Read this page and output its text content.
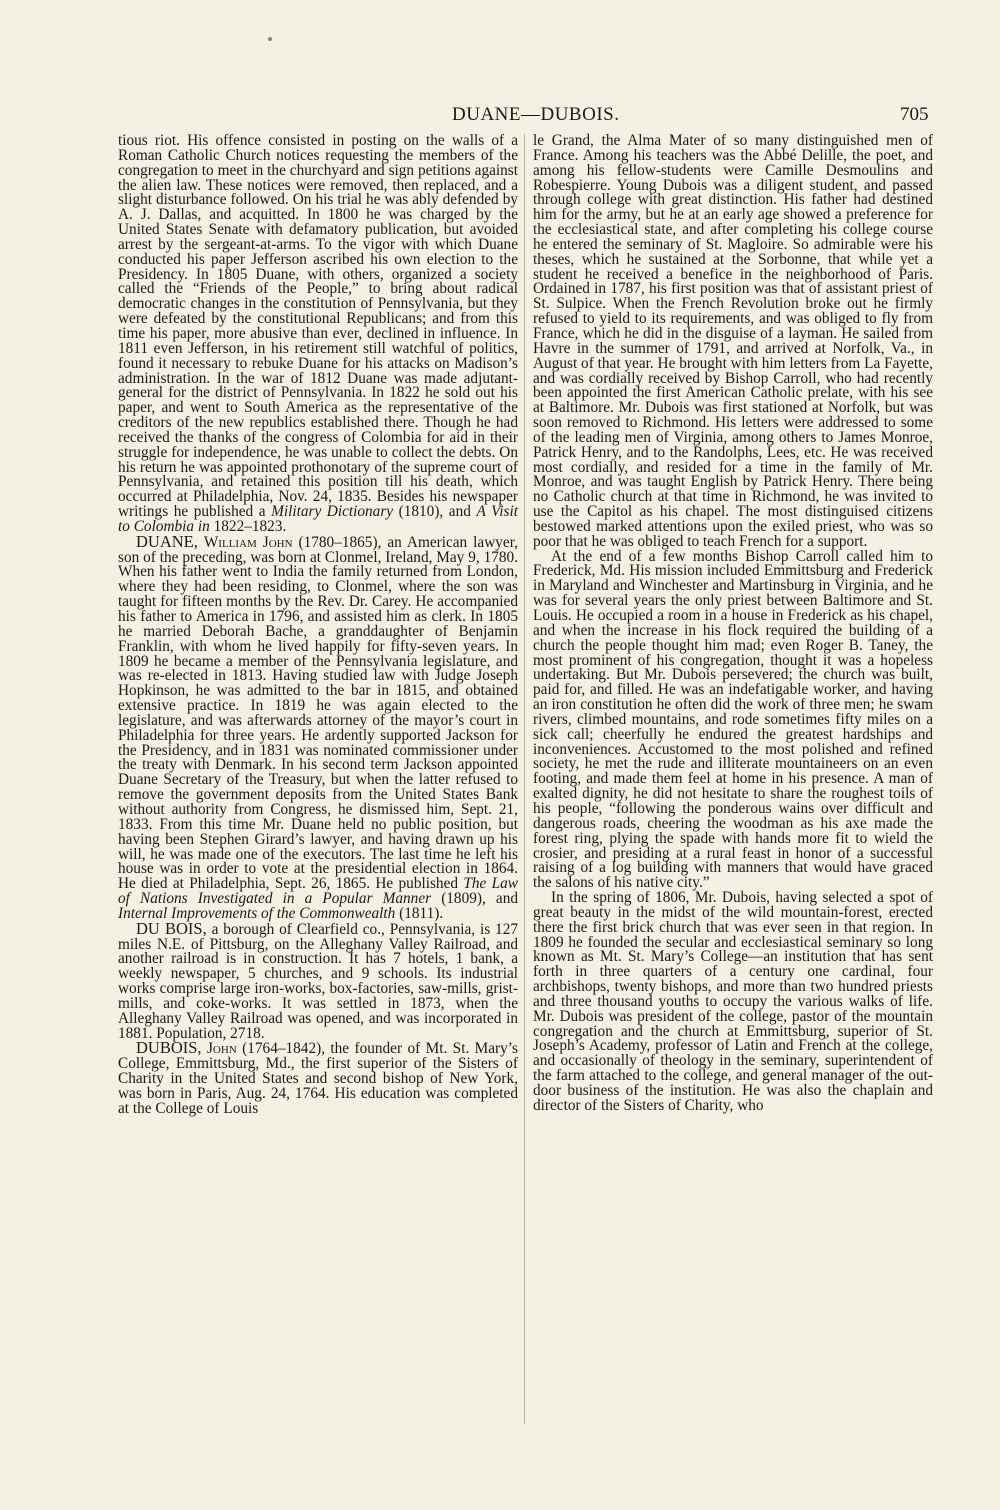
DUANE—DUBOIS.	705

tious riot. His offence consisted in posting on the walls of a Roman Catholic Church notices requesting the members of the congregation to meet in the churchyard and sign petitions against the alien law. These notices were removed, then replaced, and a slight disturbance followed. On his trial he was ably defended by A. J. Dallas, and acquitted. In 1800 he was charged by the United States Senate with defamatory publication, but avoided arrest by the sergeant-at-arms. To the vigor with which Duane conducted his paper Jefferson ascribed his own election to the Presidency. In 1805 Duane, with others, organized a society called the “Friends of the People,” to bring about radical democratic changes in the constitution of Pennsylvania, but they were defeated by the constitutional Republicans; and from this time his paper, more abusive than ever, declined in influence. In 1811 even Jefferson, in his retirement still watchful of politics, found it necessary to rebuke Duane for his attacks on Madison’s administration. In the war of 1812 Duane was made adjutant-general for the district of Pennsylvania. In 1822 he sold out his paper, and went to South America as the representative of the creditors of the new republics established there. Though he had received the thanks of the congress of Colombia for aid in their struggle for independence, he was unable to collect the debts. On his return he was appointed prothonotary of the supreme court of Pennsylvania, and retained this position till his death, which occurred at Philadelphia, Nov. 24, 1835. Besides his newspaper writings he published a Military Dictionary (1810), and A Visit to Colombia in 1822–1823.

DUANE, William John (1780–1865), an American lawyer, son of the preceding, was born at Clonmel, Ireland, May 9, 1780. When his father went to India the family returned from London, where they had been residing, to Clonmel, where the son was taught for fifteen months by the Rev. Dr. Carey. He accompanied his father to America in 1796, and assisted him as clerk. In 1805 he married Deborah Bache, a granddaughter of Benjamin Franklin, with whom he lived happily for fifty-seven years. In 1809 he became a member of the Pennsylvania legislature, and was re-elected in 1813. Having studied law with Judge Joseph Hopkinson, he was admitted to the bar in 1815, and obtained extensive practice. In 1819 he was again elected to the legislature, and was afterwards attorney of the mayor’s court in Philadelphia for three years. He ardently supported Jackson for the Presidency, and in 1831 was nominated commissioner under the treaty with Denmark. In his second term Jackson appointed Duane Secretary of the Treasury, but when the latter refused to remove the government deposits from the United States Bank without authority from Congress, he dismissed him, Sept. 21, 1833. From this time Mr. Duane held no public position, but having been Stephen Girard’s lawyer, and having drawn up his will, he was made one of the executors. The last time he left his house was in order to vote at the presidential election in 1864. He died at Philadelphia, Sept. 26, 1865. He published The Law of Nations Investigated in a Popular Manner (1809), and Internal Improvements of the Commonwealth (1811).

DU BOIS, a borough of Clearfield co., Pennsylvania, is 127 miles N.E. of Pittsburg, on the Alleghany Valley Railroad, and another railroad is in construction. It has 7 hotels, 1 bank, a weekly newspaper, 5 churches, and 9 schools. Its industrial works comprise large iron-works, box-factories, saw-mills, grist-mills, and coke-works. It was settled in 1873, when the Alleghany Valley Railroad was opened, and was incorporated in 1881. Population, 2718.

DUBOIS, John (1764–1842), the founder of Mt. St. Mary’s College, Emmittsburg, Md., the first superior of the Sisters of Charity in the United States and second bishop of New York, was born in Paris, Aug. 24, 1764. His education was completed at the College of Louis

le Grand, the Alma Mater of so many distinguished men of France. Among his teachers was the Abbé Delille, the poet, and among his fellow-students were Camille Desmoulins and Robespierre. Young Dubois was a diligent student, and passed through college with great distinction. His father had destined him for the army, but he at an early age showed a preference for the ecclesiastical state, and after completing his college course he entered the seminary of St. Magloire. So admirable were his theses, which he sustained at the Sorbonne, that while yet a student he received a benefice in the neighborhood of Paris. Ordained in 1787, his first position was that of assistant priest of St. Sulpice. When the French Revolution broke out he firmly refused to yield to its requirements, and was obliged to fly from France, which he did in the disguise of a layman. He sailed from Havre in the summer of 1791, and arrived at Norfolk, Va., in August of that year. He brought with him letters from La Fayette, and was cordially received by Bishop Carroll, who had recently been appointed the first American Catholic prelate, with his see at Baltimore. Mr. Dubois was first stationed at Norfolk, but was soon removed to Richmond. His letters were addressed to some of the leading men of Virginia, among others to James Monroe, Patrick Henry, and to the Randolphs, Lees, etc. He was received most cordially, and resided for a time in the family of Mr. Monroe, and was taught English by Patrick Henry. There being no Catholic church at that time in Richmond, he was invited to use the Capitol as his chapel. The most distinguised citizens bestowed marked attentions upon the exiled priest, who was so poor that he was obliged to teach French for a support.

At the end of a few months Bishop Carroll called him to Frederick, Md. His mission included Emmittsburg and Frederick in Maryland and Winchester and Martinsburg in Virginia, and he was for several years the only priest between Baltimore and St. Louis. He occupied a room in a house in Frederick as his chapel, and when the increase in his flock required the building of a church the people thought him mad; even Roger B. Taney, the most prominent of his congregation, thought it was a hopeless undertaking. But Mr. Dubois persevered; the church was built, paid for, and filled. He was an indefatigable worker, and having an iron constitution he often did the work of three men; he swam rivers, climbed mountains, and rode sometimes fifty miles on a sick call; cheerfully he endured the greatest hardships and inconveniences. Accustomed to the most polished and refined society, he met the rude and illiterate mountaineers on an even footing, and made them feel at home in his presence. A man of exalted dignity, he did not hesitate to share the roughest toils of his people, “following the ponderous wains over difficult and dangerous roads, cheering the woodman as his axe made the forest ring, plying the spade with hands more fit to wield the crosier, and presiding at a rural feast in honor of a successful raising of a log building with manners that would have graced the salons of his native city.”

In the spring of 1806, Mr. Dubois, having selected a spot of great beauty in the midst of the wild mountain-forest, erected there the first brick church that was ever seen in that region. In 1809 he founded the secular and ecclesiastical seminary so long known as Mt. St. Mary’s College—an institution that has sent forth in three quarters of a century one cardinal, four archbishops, twenty bishops, and more than two hundred priests and three thousand youths to occupy the various walks of life. Mr. Dubois was president of the college, pastor of the mountain congregation and the church at Emmittsburg, superior of St. Joseph’s Academy, professor of Latin and French at the college, and occasionally of theology in the seminary, superintendent of the farm attached to the college, and general manager of the out-door business of the institution. He was also the chaplain and director of the Sisters of Charity, who
